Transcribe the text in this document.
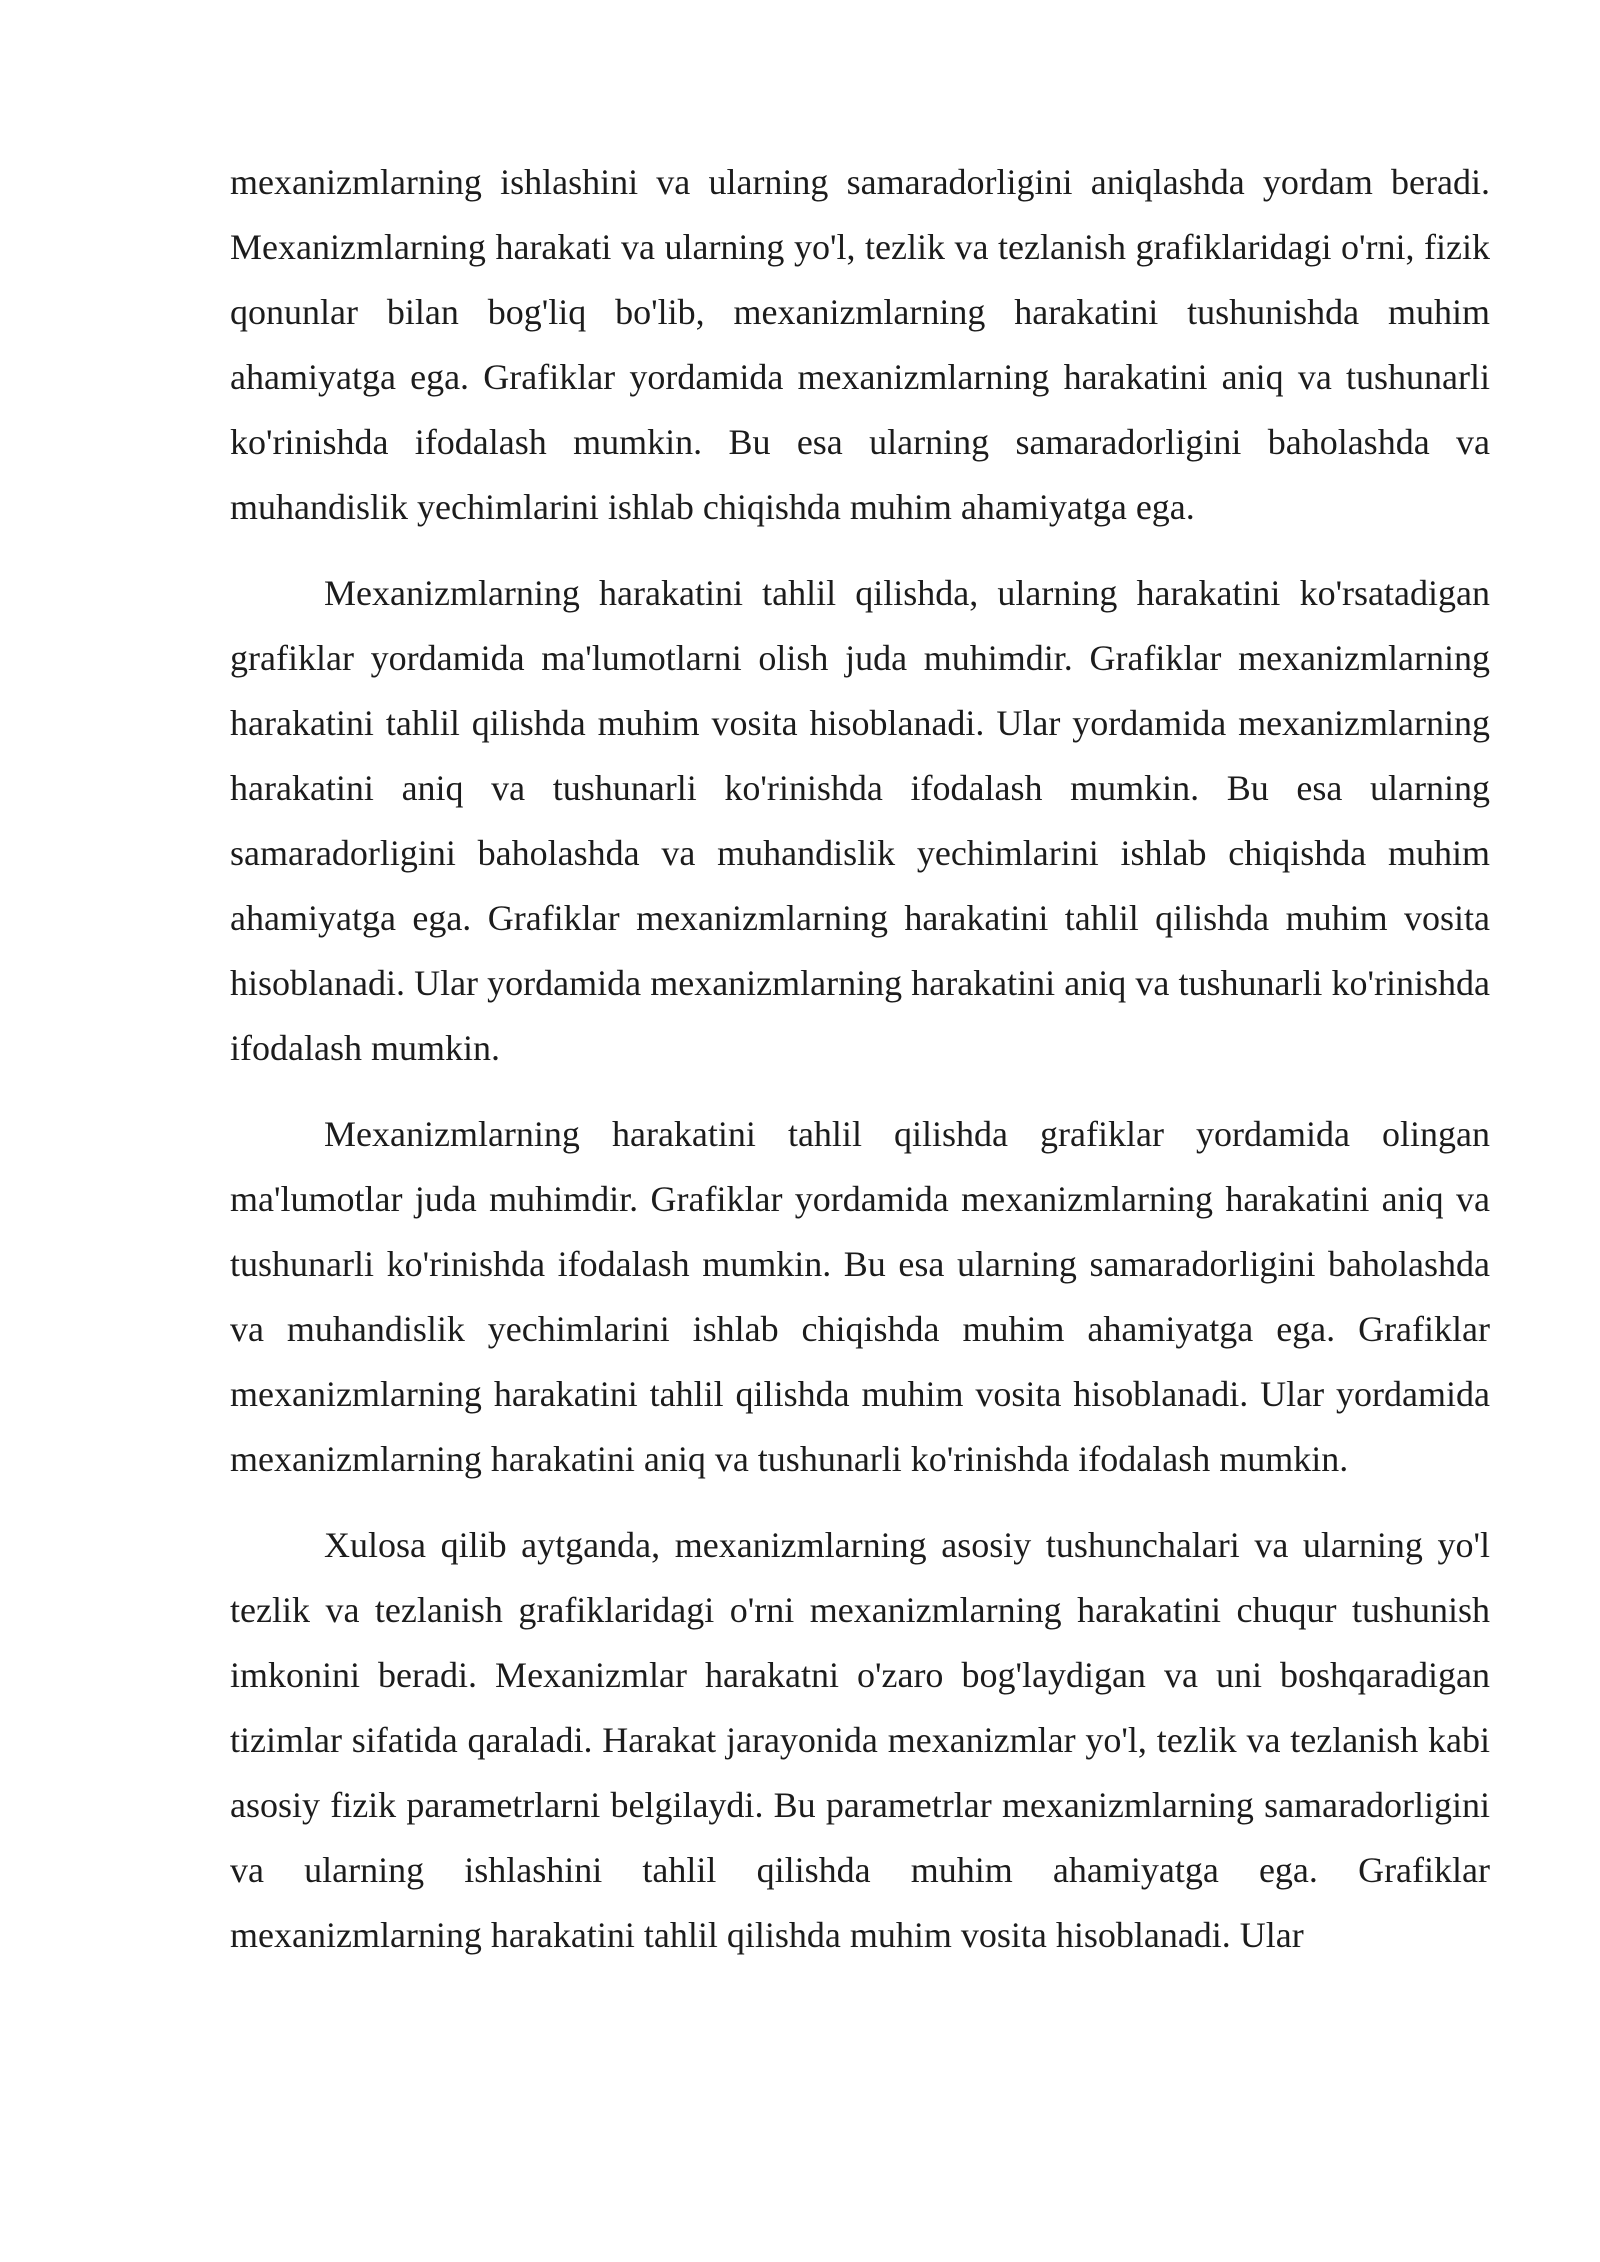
mexanizmlarning ishlashini va ularning samaradorligini aniqlashda yordam beradi. Mexanizmlarning harakati va ularning yo'l, tezlik va tezlanish grafiklaridagi o'rni, fizik qonunlar bilan bog'liq bo'lib, mexanizmlarning harakatini tushunishda muhim ahamiyatga ega. Grafiklar yordamida mexanizmlarning harakatini aniq va tushunarli ko'rinishda ifodalash mumkin. Bu esa ularning samaradorligini baholashda va muhandislik yechimlarini ishlab chiqishda muhim ahamiyatga ega.

Mexanizmlarning harakatini tahlil qilishda, ularning harakatini ko'rsatadigan grafiklar yordamida ma'lumotlarni olish juda muhimdir. Grafiklar mexanizmlarning harakatini tahlil qilishda muhim vosita hisoblanadi. Ular yordamida mexanizmlarning harakatini aniq va tushunarli ko'rinishda ifodalash mumkin. Bu esa ularning samaradorligini baholashda va muhandislik yechimlarini ishlab chiqishda muhim ahamiyatga ega. Grafiklar mexanizmlarning harakatini tahlil qilishda muhim vosita hisoblanadi. Ular yordamida mexanizmlarning harakatini aniq va tushunarli ko'rinishda ifodalash mumkin.

Mexanizmlarning harakatini tahlil qilishda grafiklar yordamida olingan ma'lumotlar juda muhimdir. Grafiklar yordamida mexanizmlarning harakatini aniq va tushunarli ko'rinishda ifodalash mumkin. Bu esa ularning samaradorligini baholashda va muhandislik yechimlarini ishlab chiqishda muhim ahamiyatga ega. Grafiklar mexanizmlarning harakatini tahlil qilishda muhim vosita hisoblanadi. Ular yordamida mexanizmlarning harakatini aniq va tushunarli ko'rinishda ifodalash mumkin.

Xulosa qilib aytganda, mexanizmlarning asosiy tushunchalari va ularning yo'l tezlik va tezlanish grafiklaridagi o'rni mexanizmlarning harakatini chuqur tushunish imkonini beradi. Mexanizmlar harakatni o'zaro bog'laydigan va uni boshqaradigan tizimlar sifatida qaraladi. Harakat jarayonida mexanizmlar yo'l, tezlik va tezlanish kabi asosiy fizik parametrlarni belgilaydi. Bu parametrlar mexanizmlarning samaradorligini va ularning ishlashini tahlil qilishda muhim ahamiyatga ega. Grafiklar mexanizmlarning harakatini tahlil qilishda muhim vosita hisoblanadi. Ular
